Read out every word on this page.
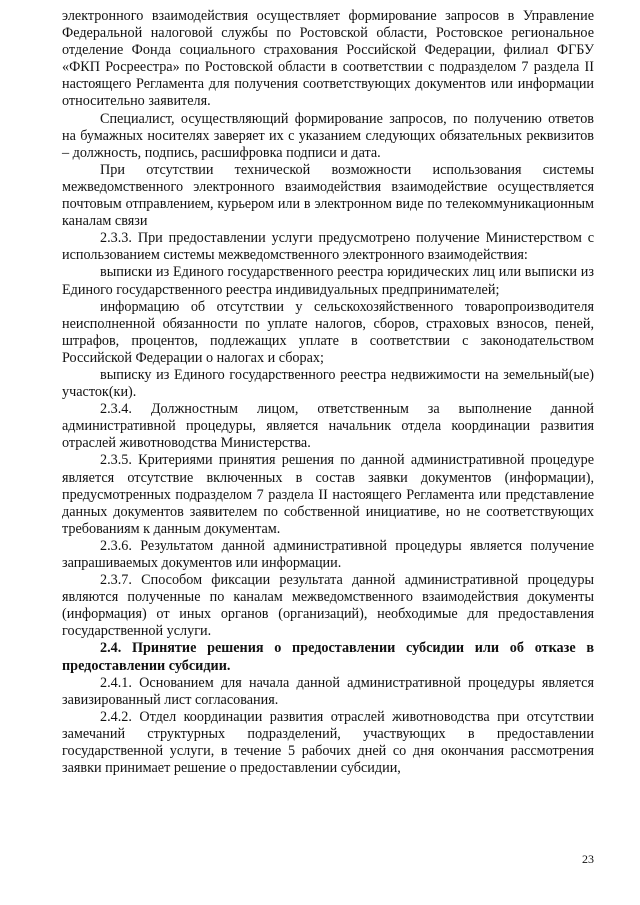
электронного взаимодействия осуществляет формирование запросов в Управление Федеральной налоговой службы по Ростовской области, Ростовское региональное отделение Фонда социального страхования Российской Федерации, филиал ФГБУ «ФКП Росреестра» по Ростовской области в соответствии с подразделом 7 раздела II настоящего Регламента для получения соответствующих документов или информации относительно заявителя.

Специалист, осуществляющий формирование запросов, по получению ответов на бумажных носителях заверяет их с указанием следующих обязательных реквизитов – должность, подпись, расшифровка подписи и дата.

При отсутствии технической возможности использования системы межведомственного электронного взаимодействия взаимодействие осуществляется почтовым отправлением, курьером или в электронном виде по телекоммуникационным каналам связи

2.3.3. При предоставлении услуги предусмотрено получение Министерством с использованием системы межведомственного электронного взаимодействия:

выписки из Единого государственного реестра юридических лиц или выписки из Единого государственного реестра индивидуальных предпринимателей;

информацию об отсутствии у сельскохозяйственного товаропроизводителя неисполненной обязанности по уплате налогов, сборов, страховых взносов, пеней, штрафов, процентов, подлежащих уплате в соответствии с законодательством Российской Федерации о налогах и сборах;

выписку из Единого государственного реестра недвижимости на земельный(ые) участок(ки).

2.3.4. Должностным лицом, ответственным за выполнение данной административной процедуры, является начальник отдела координации развития отраслей животноводства Министерства.

2.3.5. Критериями принятия решения по данной административной процедуре является отсутствие включенных в состав заявки документов (информации), предусмотренных подразделом 7 раздела II настоящего Регламента или представление данных документов заявителем по собственной инициативе, но не соответствующих требованиям к данным документам.

2.3.6. Результатом данной административной процедуры является получение запрашиваемых документов или информации.

2.3.7. Способом фиксации результата данной административной процедуры являются полученные по каналам межведомственного взаимодействия документы (информация) от иных органов (организаций), необходимые для предоставления государственной услуги.

2.4. Принятие решения о предоставлении субсидии или об отказе в предоставлении субсидии.

2.4.1. Основанием для начала данной административной процедуры является завизированный лист согласования.

2.4.2. Отдел координации развития отраслей животноводства при отсутствии замечаний структурных подразделений, участвующих в предоставлении государственной услуги, в течение 5 рабочих дней со дня окончания рассмотрения заявки принимает решение о предоставлении субсидии,

23
